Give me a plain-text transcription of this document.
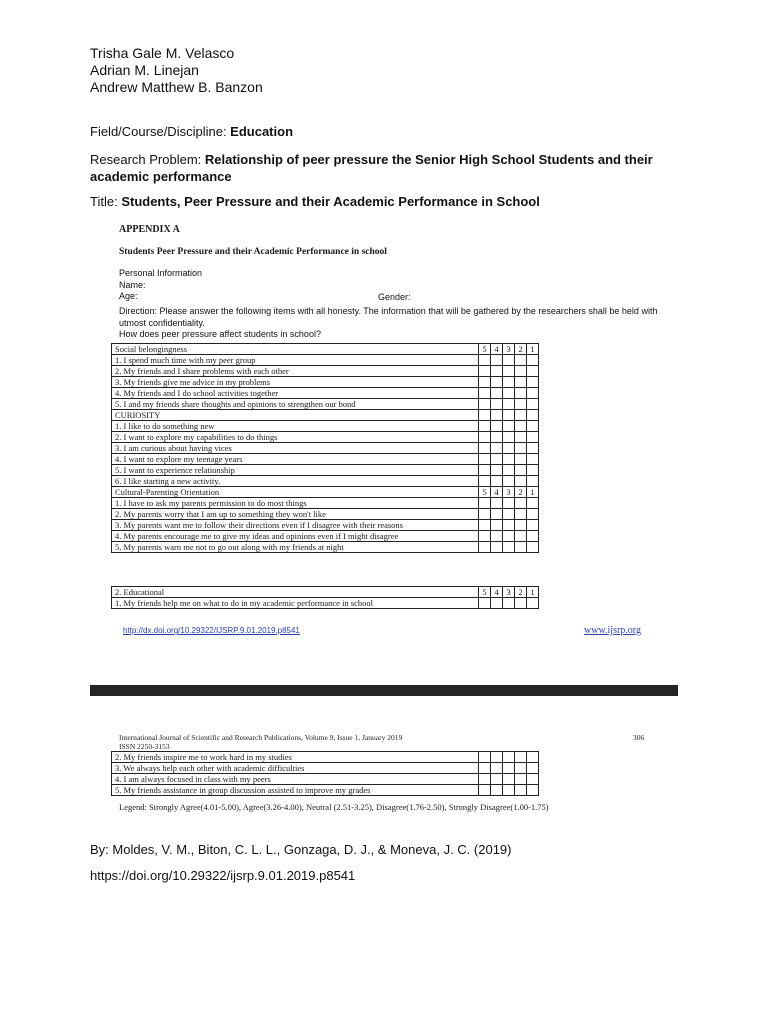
Trisha Gale M. Velasco
Adrian M. Linejan
Andrew Matthew B. Banzon
Field/Course/Discipline: Education
Research Problem: Relationship of peer pressure the Senior High School Students and their academic performance
Title: Students, Peer Pressure and their Academic Performance in School
APPENDIX A
Students Peer Pressure and their Academic Performance in school
Personal Information
Name:
Age:	Gender:
Direction: Please answer the following items with all honesty. The information that will be gathered by the researchers shall be held with utmost confidentiality.
How does peer pressure affect students in school?
Social belongingness	5	4	3	2	1
1. I spend much time with my peer group					
2. My friends and I share problems with each other					
3. My friends give me advice in my problems					
4. My friends and I do school activities together					
5. I and my friends share thoughts and opinions to strengthen our bond					
CURIOSITY					
1. I like to do something new					
2. I want to explore my capabilities to do things					
3. I am curious about having vices					
4. I want to explore my teenage years					
5. I want to experience relationship					
6. I like starting a new activity.					
Cultural-Parenting Orientation	5	4	3	2	1
1. I have to ask my parents permission to do most things					
2. My parents worry that I am up to something they won't like					
3. My parents want me to follow their directions even if I disagree with their reasons					
4. My parents encourage me to give my ideas and opinions even if I might disagree					
5. My parents warn me not to go out along with my friends at night					
2. Educational	5	4	3	2	1
1. My friends help me on what to do in my academic performance in school					
http://dx.doi.org/10.29322/IJSRP.9.01.2019.p8541	www.ijsrp.org
International Journal of Scientific and Research Publications, Volume 9, Issue 1, January 2019
ISSN 2250-3153
306
2. My friends inspire me to work hard in my studies					
3. We always help each other with academic difficulties					
4. I am always focused in class with my peers					
5. My friends assistance in group discussion assisted to improve my grades					
Legend: Strongly Agree(4.01-5.00), Agree(3.26-4.00), Neutral (2.51-3.25), Disagree(1.76-2.50), Strongly Disagree(1.00-1.75)
By: Moldes, V. M., Biton, C. L. L., Gonzaga, D. J., & Moneva, J. C. (2019)
https://doi.org/10.29322/ijsrp.9.01.2019.p8541
